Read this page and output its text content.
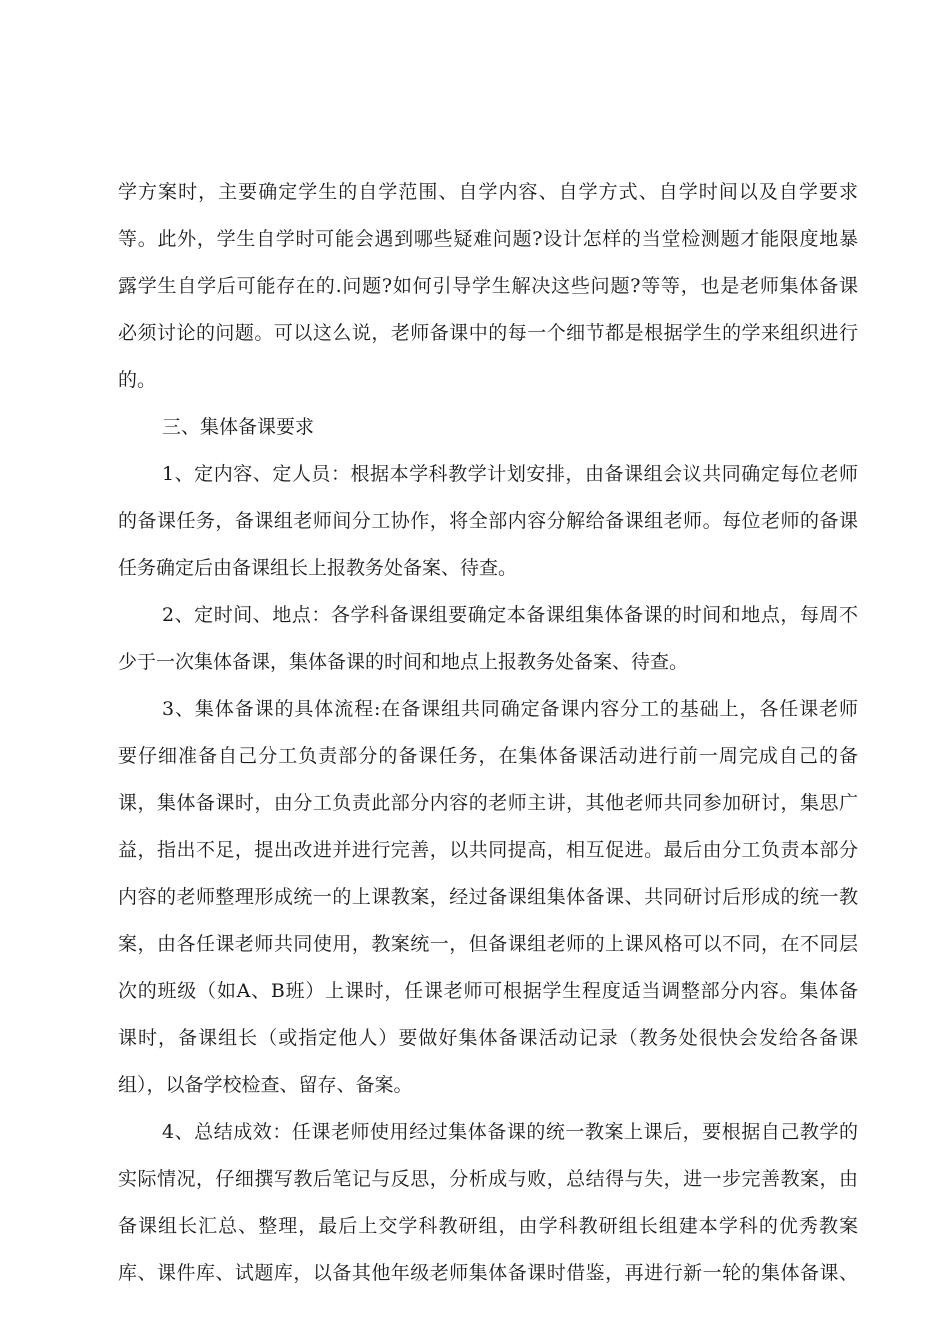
学方案时，主要确定学生的自学范围、自学内容、自学方式、自学时间以及自学要求
等。此外，学生自学时可能会遇到哪些疑难问题?设计怎样的当堂检测题才能限度地暴
露学生自学后可能存在的.问题?如何引导学生解决这些问题?等等，也是老师集体备课
必须讨论的问题。可以这么说，老师备课中的每一个细节都是根据学生的学来组织进行
的。
三、集体备课要求
1、定内容、定人员：根据本学科教学计划安排，由备课组会议共同确定每位老师
的备课任务，备课组老师间分工协作，将全部内容分解给备课组老师。每位老师的备课
任务确定后由备课组长上报教务处备案、待查。
2、定时间、地点：各学科备课组要确定本备课组集体备课的时间和地点，每周不
少于一次集体备课，集体备课的时间和地点上报教务处备案、待查。
3、集体备课的具体流程:在备课组共同确定备课内容分工的基础上，各任课老师
要仔细准备自己分工负责部分的备课任务，在集体备课活动进行前一周完成自己的备
课，集体备课时，由分工负责此部分内容的老师主讲，其他老师共同参加研讨，集思广
益，指出不足，提出改进并进行完善，以共同提高，相互促进。最后由分工负责本部分
内容的老师整理形成统一的上课教案，经过备课组集体备课、共同研讨后形成的统一教
案，由各任课老师共同使用，教案统一，但备课组老师的上课风格可以不同，在不同层
次的班级（如A、B班）上课时，任课老师可根据学生程度适当调整部分内容。集体备
课时，备课组长（或指定他人）要做好集体备课活动记录（教务处很快会发给各备课
组），以备学校检查、留存、备案。
4、总结成效：任课老师使用经过集体备课的统一教案上课后，要根据自己教学的
实际情况，仔细撰写教后笔记与反思，分析成与败，总结得与失，进一步完善教案，由
备课组长汇总、整理，最后上交学科教研组，由学科教研组长组建本学科的优秀教案
库、课件库、试题库，以备其他年级老师集体备课时借鉴，再进行新一轮的集体备课、
